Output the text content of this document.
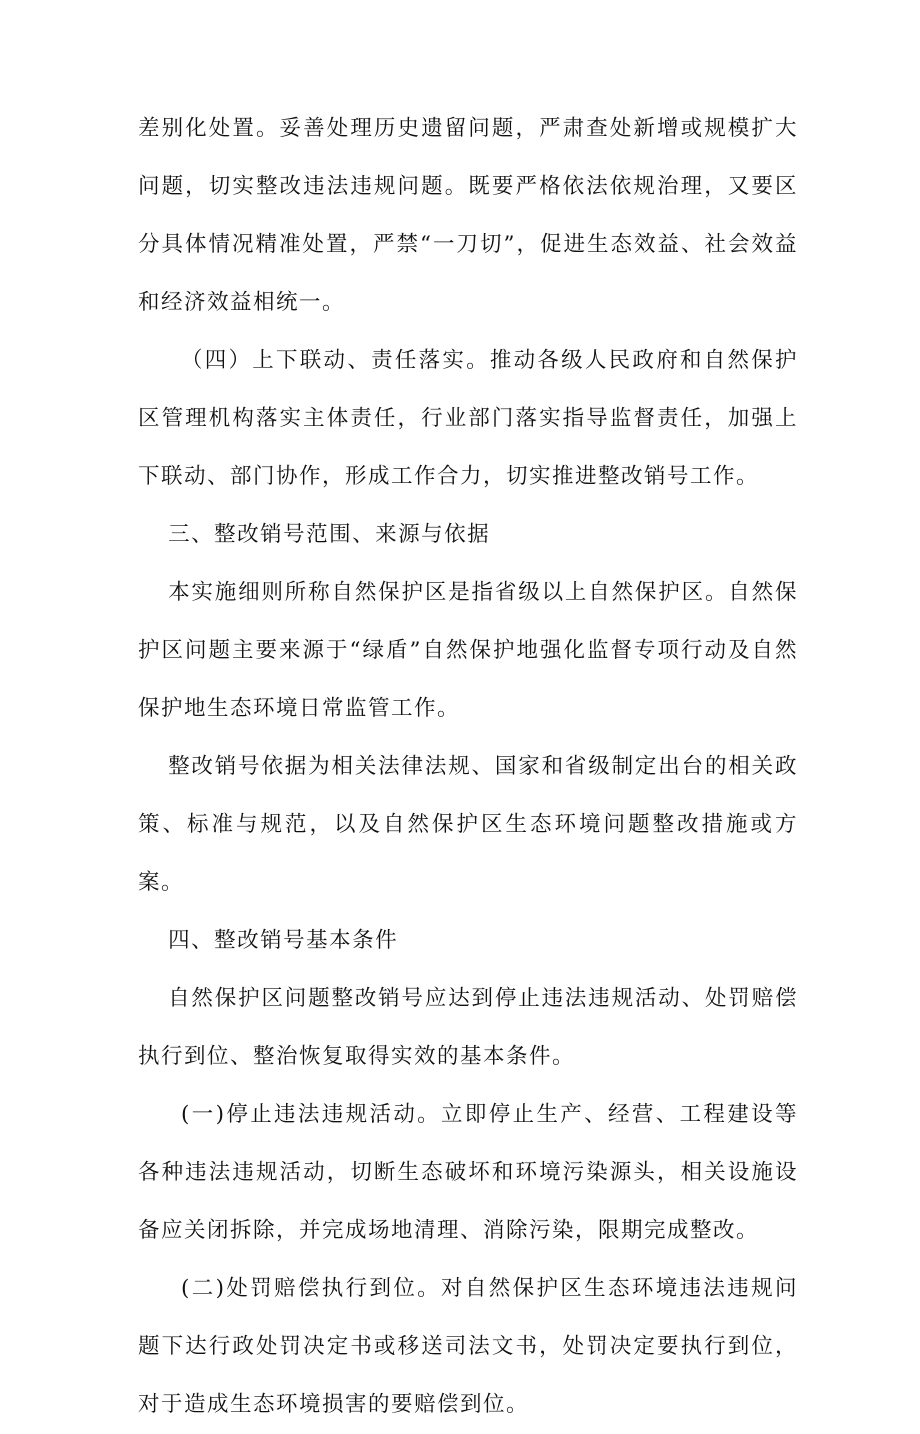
差别化处置。妥善处理历史遗留问题，严肃查处新增或规模扩大问题，切实整改违法违规问题。既要严格依法依规治理，又要区分具体情况精准处置，严禁“一刀切”，促进生态效益、社会效益和经济效益相统一。

（四）上下联动、责任落实。推动各级人民政府和自然保护区管理机构落实主体责任，行业部门落实指导监督责任，加强上下联动、部门协作，形成工作合力，切实推进整改销号工作。

三、整改销号范围、来源与依据

本实施细则所称自然保护区是指省级以上自然保护区。自然保护区问题主要来源于“绿盾”自然保护地强化监督专项行动及自然保护地生态环境日常监管工作。

整改销号依据为相关法律法规、国家和省级制定出台的相关政策、标准与规范，以及自然保护区生态环境问题整改措施或方案。

四、整改销号基本条件

自然保护区问题整改销号应达到停止违法违规活动、处罚赔偿执行到位、整治恢复取得实效的基本条件。

(一)停止违法违规活动。立即停止生产、经营、工程建设等各种违法违规活动，切断生态破坏和环境污染源头，相关设施设备应关闭拆除，并完成场地清理、消除污染，限期完成整改。

(二)处罚赔偿执行到位。对自然保护区生态环境违法违规问题下达行政处罚决定书或移送司法文书，处罚决定要执行到位，对于造成生态环境损害的要赔偿到位。
